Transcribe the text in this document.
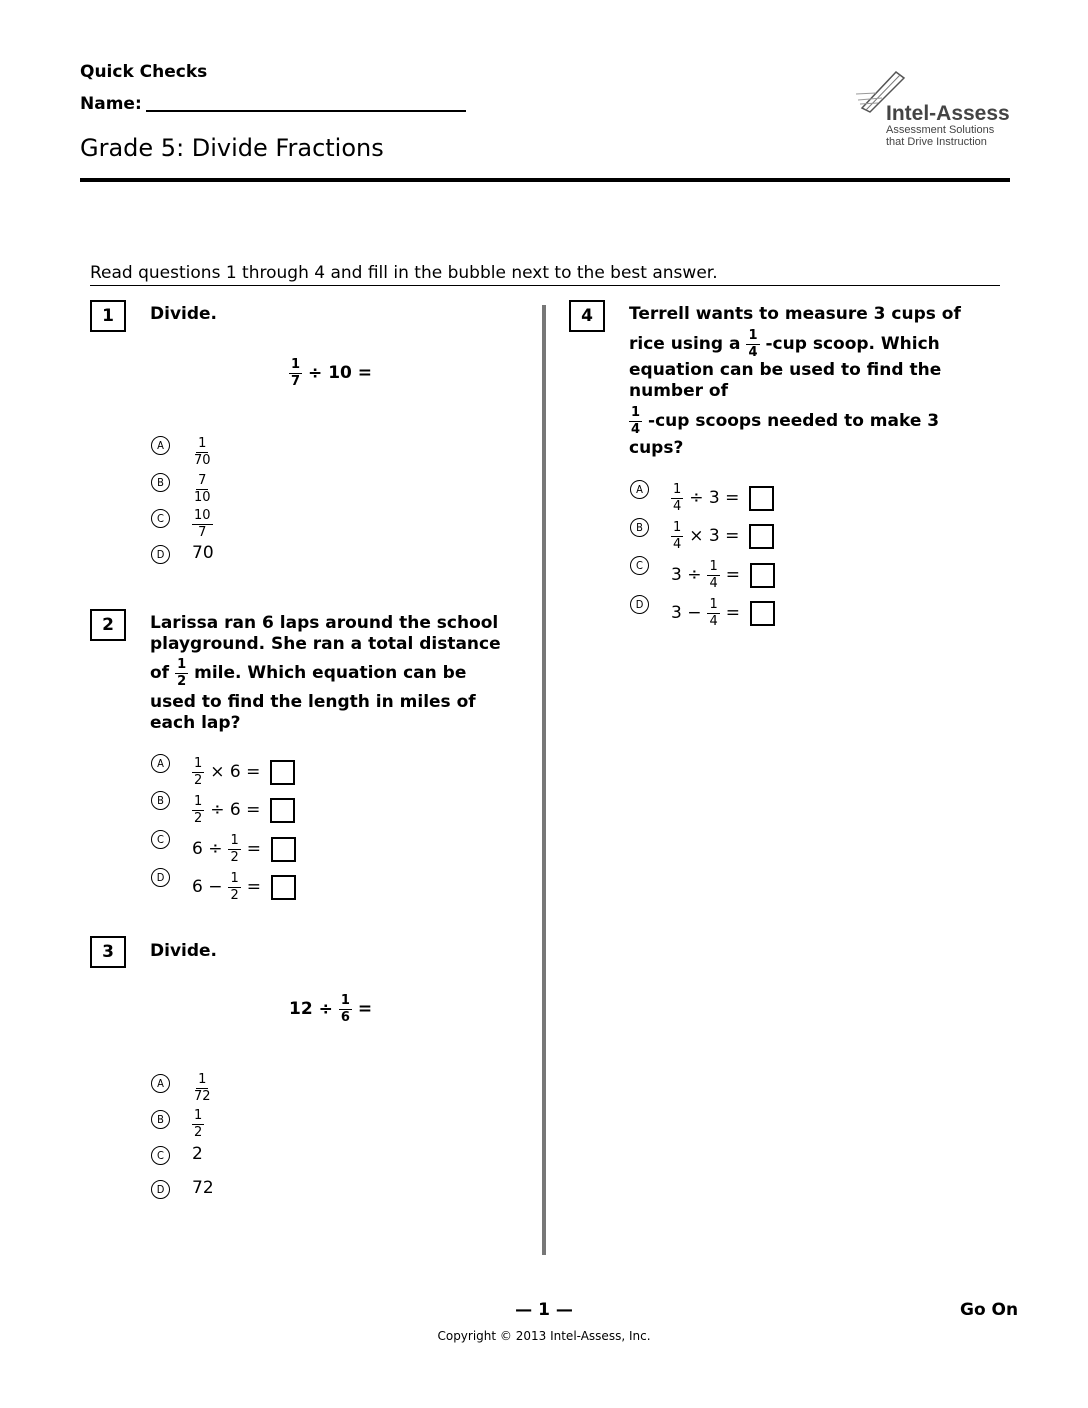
Quick Checks
Name:
Grade 5: Divide Fractions
Intel-Assess
Assessment Solutions
that Drive Instruction
Read questions 1 through 4 and fill in the bubble next to the best answer.
1	Divide.
$\frac{1}{7} \div 10$ =
A	$\frac{1}{70}$
B	$\frac{7}{10}$
C	$\frac{10}{7}$
D	70
2	Larissa ran 6 laps around the school
playground. She ran a total distance
of $\frac{1}{2}$ mile. Which equation can be
used to find the length in miles of
each lap?
A	$\frac{1}{2} \times 6$ =
B	$\frac{1}{2} \div 6$ =
C	$6 \div \frac{1}{2}$ =
D	$6 - \frac{1}{2}$ =
3	Divide.
$12 \div \frac{1}{6}$ =
A	$\frac{1}{72}$
B	$\frac{1}{2}$
C	2
D	72
4	Terrell wants to measure 3 cups of
rice using a $\frac{1}{4} -cup$ scoop. Which
equation can be used to find the
number of
$\frac{1}{4} -cup$ scoops needed to make 3
cups?
A	$\frac{1}{4} \div 3$ =
B	$\frac{1}{4} \times 3$ =
C	$3 \div \frac{1}{4}$ =
D	$3 - \frac{1}{4}$ =
— 1 —	Go On
Copyright © 2013 Intel-Assess, Inc.
